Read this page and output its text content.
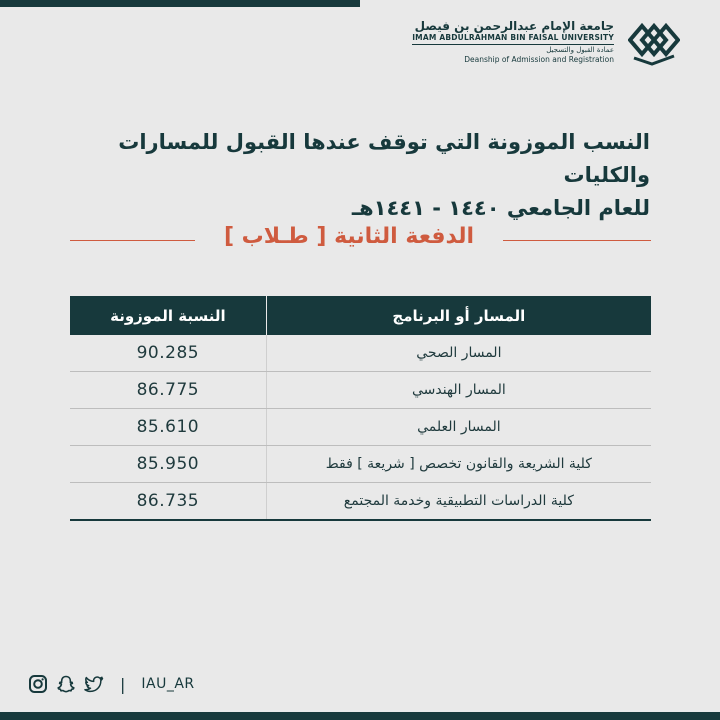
جامعة الإمام عبدالرحمن بن فيصل
IMAM ABDULRAHMAN BIN FAISAL UNIVERSITY
عمادة القبول والتسجيل
Deanship of Admission and Registration
النسب الموزونة التي توقف عندها القبول للمسارات والكليات
للعام الجامعي ١٤٤٠ - ١٤٤١هـ
الدفعة الثانية [ طـلاب ]
المسار أو البرنامج	النسبة الموزونة
المسار الصحي	90.285
المسار الهندسي	86.775
المسار العلمي	85.610
كلية الشريعة والقانون تخصص [ شريعة ] فقط	85.950
كلية الدراسات التطبيقية وخدمة المجتمع	86.735
| IAU_AR
